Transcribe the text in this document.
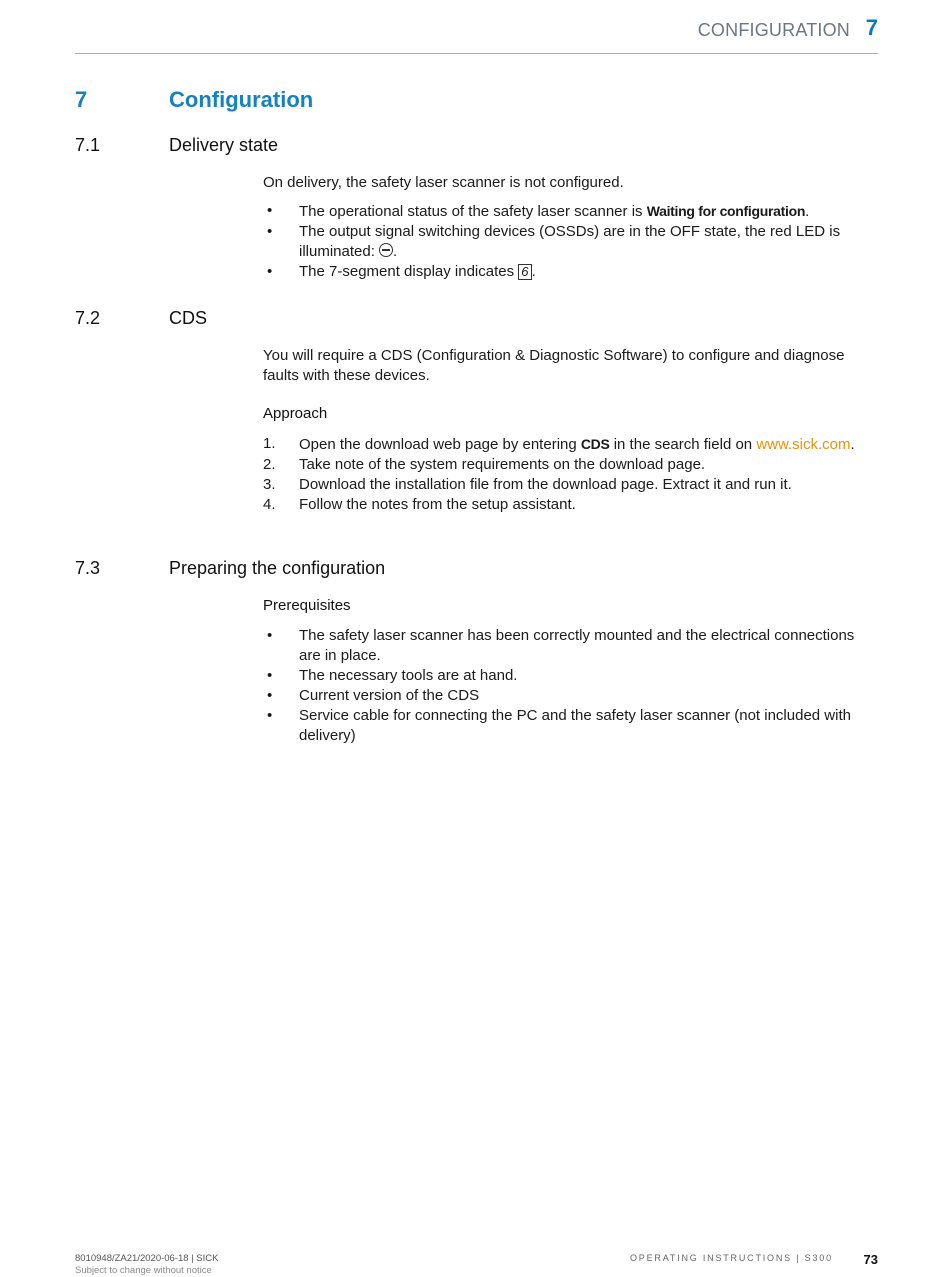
CONFIGURATION 7
7	Configuration
7.1	Delivery state

On delivery, the safety laser scanner is not configured.

• The operational status of the safety laser scanner is Waiting for configuration.
• The output signal switching devices (OSSDs) are in the OFF state, the red LED is illuminated: .
• The 7-segment display indicates 6 .
7.2	CDS

You will require a CDS (Configuration & Diagnostic Software) to configure and diagnose faults with these devices.

Approach

1. Open the download web page by entering CDS in the search field on www.sick.com.
2. Take note of the system requirements on the download page.
3. Download the installation file from the download page. Extract it and run it.
4. Follow the notes from the setup assistant.
7.3	Preparing the configuration

Prerequisites

• The safety laser scanner has been correctly mounted and the electrical connections are in place.
• The necessary tools are at hand.
• Current version of the CDS
• Service cable for connecting the PC and the safety laser scanner (not included with delivery)
8010948/ZA21/2020-06-18 | SICK
Subject to change without notice
OPERATING INSTRUCTIONS | S300 73
